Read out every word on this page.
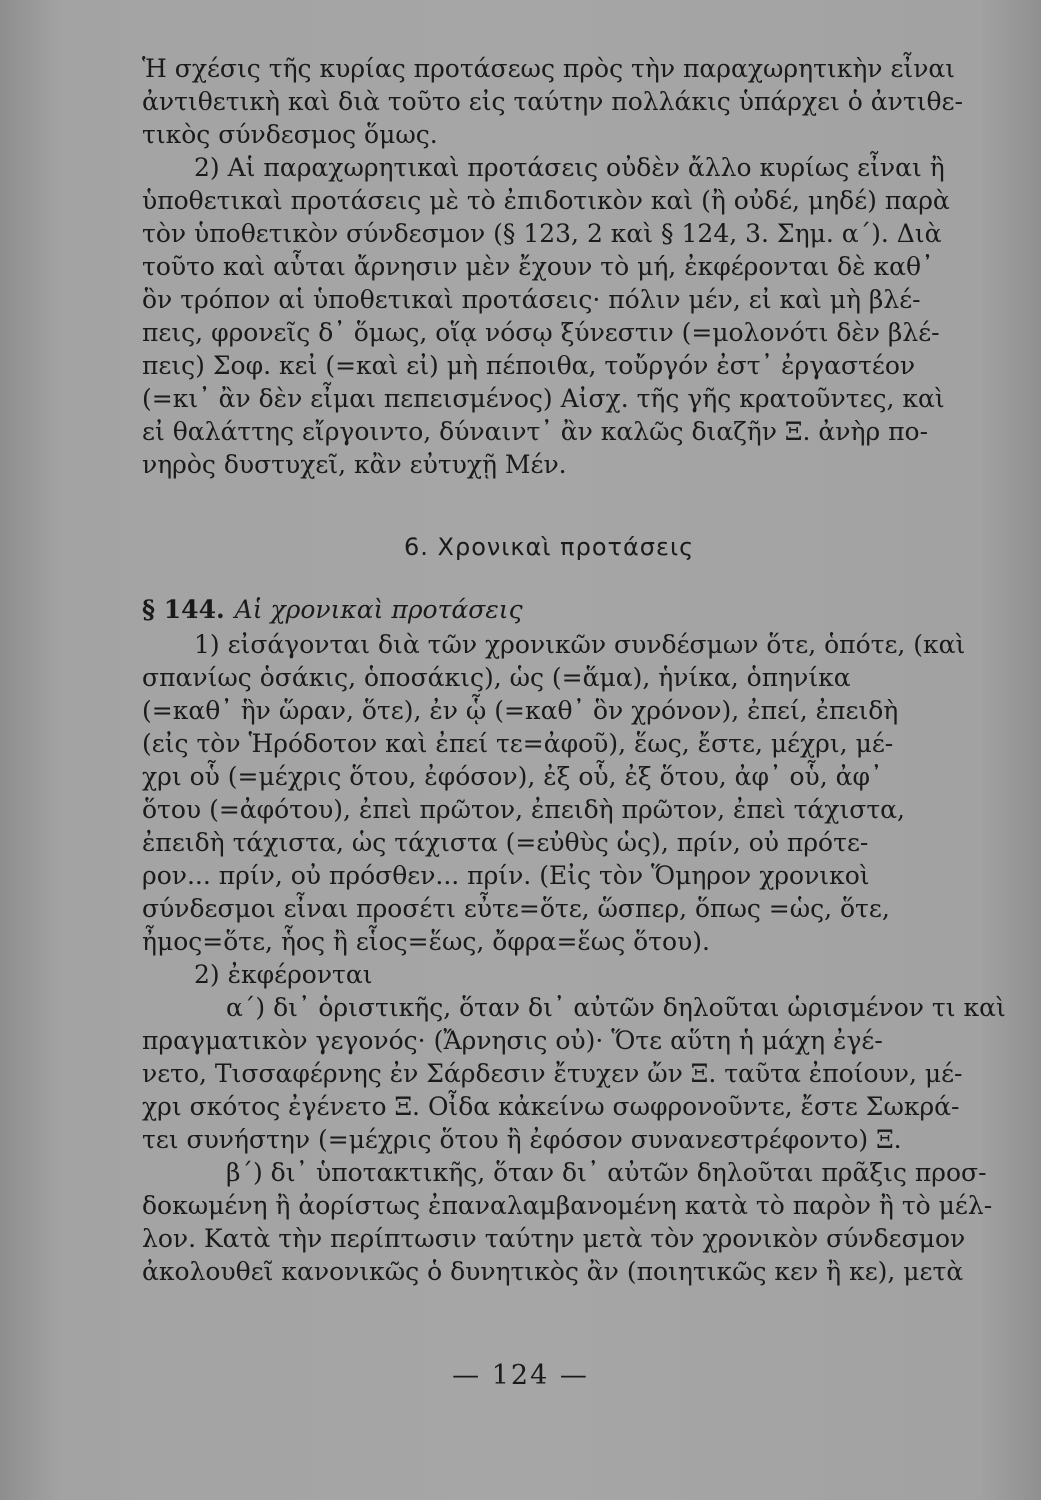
Ἡ σχέσις τῆς κυρίας προτάσεως πρὸς τὴν παραχωρητικὴν εἶναι
ἀντιθετικὴ καὶ διὰ τοῦτο εἰς ταύτην πολλάκις ὑπάρχει ὁ ἀντιθε-
τικὸς σύνδεσμος ὅμως.
2) Αἱ παραχωρητικαὶ προτάσεις οὐδὲν ἄλλο κυρίως εἶναι ἢ
ὑποθετικαὶ προτάσεις μὲ τὸ ἐπιδοτικὸν καὶ (ἢ οὐδέ, μηδέ) παρὰ
τὸν ὑποθετικὸν σύνδεσμον (§ 123, 2 καὶ § 124, 3. Σημ. α΄). Διὰ
τοῦτο καὶ αὗται ἄρνησιν μὲν ἔχουν τὸ μή, ἐκφέρονται δὲ καθ᾿
ὃν τρόπον αἱ ὑποθετικαὶ προτάσεις· πόλιν μέν, εἰ καὶ μὴ βλέ-
πεις, φρονεῖς δ᾿ ὅμως, οἵᾳ νόσῳ ξύνεστιν (=μολονότι δὲν βλέ-
πεις) Σοφ. κεἰ (=καὶ εἰ) μὴ πέποιθα, τοὔργόν ἐστ᾿ ἐργαστέον
(=κι᾿ ἂν δὲν εἶμαι πεπεισμένος) Αἰσχ. τῆς γῆς κρατοῦντες, καὶ
εἰ θαλάττης εἴργοιντο, δύναιντ᾿ ἂν καλῶς διαζῆν Ξ. ἀνὴρ πο-
νηρὸς δυστυχεῖ, κἂν εὐτυχῇ Μέν.
6. Χρονικαὶ προτάσεις
§ 144. Αἱ χρονικαὶ προτάσεις
1) εἰσάγονται διὰ τῶν χρονικῶν συνδέσμων ὅτε, ὁπότε, (καὶ
σπανίως ὁσάκις, ὁποσάκις), ὡς (=ἅμα), ἡνίκα, ὁπηνίκα
(=καθ᾿ ἣν ὥραν, ὅτε), ἐν ᾧ (=καθ᾿ ὃν χρόνον), ἐπεί, ἐπειδὴ
(εἰς τὸν Ἡρόδοτον καὶ ἐπεί τε=ἀφοῦ), ἕως, ἔστε, μέχρι, μέ-
χρι οὗ (=μέχρις ὅτου, ἐφόσον), ἐξ οὗ, ἐξ ὅτου, ἀφ᾿ οὗ, ἀφ᾿
ὅτου (=ἀφότου), ἐπεὶ πρῶτον, ἐπειδὴ πρῶτον, ἐπεὶ τάχιστα,
ἐπειδὴ τάχιστα, ὡς τάχιστα (=εὐθὺς ὡς), πρίν, οὐ πρότε-
ρον... πρίν, οὐ πρόσθεν... πρίν. (Εἰς τὸν Ὅμηρον χρονικοὶ
σύνδεσμοι εἶναι προσέτι εὖτε=ὅτε, ὥσπερ, ὅπως =ὡς, ὅτε,
ἦμος=ὅτε, ἧος ἢ εἷος=ἕως, ὄφρα=ἕως ὅτου).
2) ἐκφέρονται
α΄) δι᾿ ὁριστικῆς, ὅταν δι᾿ αὐτῶν δηλοῦται ὡρισμένον τι καὶ
πραγματικὸν γεγονός· (Ἄρνησις οὐ)· Ὅτε αὕτη ἡ μάχη ἐγέ-
νετο, Τισσαφέρνης ἐν Σάρδεσιν ἔτυχεν ὤν Ξ. ταῦτα ἐποίουν, μέ-
χρι σκότος ἐγένετο Ξ. Οἶδα κἀκείνω σωφρονοῦντε, ἔστε Σωκρά-
τει συνήστην (=μέχρις ὅτου ἢ ἐφόσον συνανεστρέφοντο) Ξ.
β΄) δι᾿ ὑποτακτικῆς, ὅταν δι᾿ αὐτῶν δηλοῦται πρᾶξις προσ-
δοκωμένη ἢ ἀορίστως ἐπαναλαμβανομένη κατὰ τὸ παρὸν ἢ τὸ μέλ-
λον. Κατὰ τὴν περίπτωσιν ταύτην μετὰ τὸν χρονικὸν σύνδεσμον
ἀκολουθεῖ κανονικῶς ὁ δυνητικὸς ἂν (ποιητικῶς κεν ἢ κε), μετὰ
— 124 —
